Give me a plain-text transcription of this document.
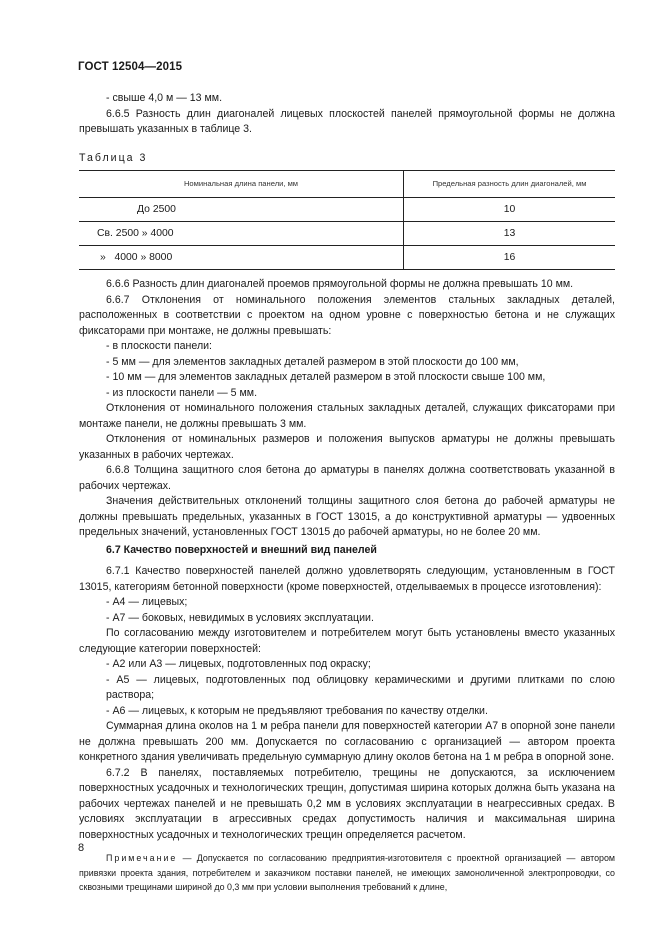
ГОСТ 12504—2015

- свыше 4,0 м — 13 мм.

6.6.5 Разность длин диагоналей лицевых плоскостей панелей прямоугольной формы не должна превышать указанных в таблице 3.

Таблица 3

Номинальная длина панели, мм	Предельная разность длин диагоналей, мм
До 2500	10
Св. 2500 » 4000	13
»   4000 » 8000	16

6.6.6 Разность длин диагоналей проемов прямоугольной формы не должна превышать 10 мм.

6.6.7 Отклонения от номинального положения элементов стальных закладных деталей, расположенных в соответствии с проектом на одном уровне с поверхностью бетона и не служащих фиксаторами при монтаже, не должны превышать:

- в плоскости панели:

- 5 мм — для элементов закладных деталей размером в этой плоскости до 100 мм,

- 10 мм — для элементов закладных деталей размером в этой плоскости свыше 100 мм,

- из плоскости панели — 5 мм.

Отклонения от номинального положения стальных закладных деталей, служащих фиксаторами при монтаже панели, не должны превышать 3 мм.

Отклонения от номинальных размеров и положения выпусков арматуры не должны превышать указанных в рабочих чертежах.

6.6.8 Толщина защитного слоя бетона до арматуры в панелях должна соответствовать указанной в рабочих чертежах.

Значения действительных отклонений толщины защитного слоя бетона до рабочей арматуры не должны превышать предельных, указанных в ГОСТ 13015, а до конструктивной арматуры — удвоенных предельных значений, установленных ГОСТ 13015 до рабочей арматуры, но не более 20 мм.

6.7 Качество поверхностей и внешний вид панелей

6.7.1 Качество поверхностей панелей должно удовлетворять следующим, установленным в ГОСТ 13015, категориям бетонной поверхности (кроме поверхностей, отделываемых в процессе изготовления):

- А4 — лицевых;

- А7 — боковых, невидимых в условиях эксплуатации.

По согласованию между изготовителем и потребителем могут быть установлены вместо указанных следующие категории поверхностей:

- А2 или А3 — лицевых, подготовленных под окраску;

- А5 — лицевых, подготовленных под облицовку керамическими и другими плитками по слою раствора;

- А6 — лицевых, к которым не предъявляют требования по качеству отделки.

Суммарная длина околов на 1 м ребра панели для поверхностей категории А7 в опорной зоне панели не должна превышать 200 мм. Допускается по согласованию с организацией — автором проекта конкретного здания увеличивать предельную суммарную длину околов бетона на 1 м ребра в опорной зоне.

6.7.2 В панелях, поставляемых потребителю, трещины не допускаются, за исключением поверхностных усадочных и технологических трещин, допустимая ширина которых должна быть указана на рабочих чертежах панелей и не превышать 0,2 мм в условиях эксплуатации в неагрессивных средах. В условиях эксплуатации в агрессивных средах допустимость наличия и максимальная ширина поверхностных усадочных и технологических трещин определяется расчетом.

Примечание — Допускается по согласованию предприятия-изготовителя с проектной организацией — автором привязки проекта здания, потребителем и заказчиком поставки панелей, не имеющих замоноличенной электропроводки, со сквозными трещинами шириной до 0,3 мм при условии выполнения требований к длине,

8
